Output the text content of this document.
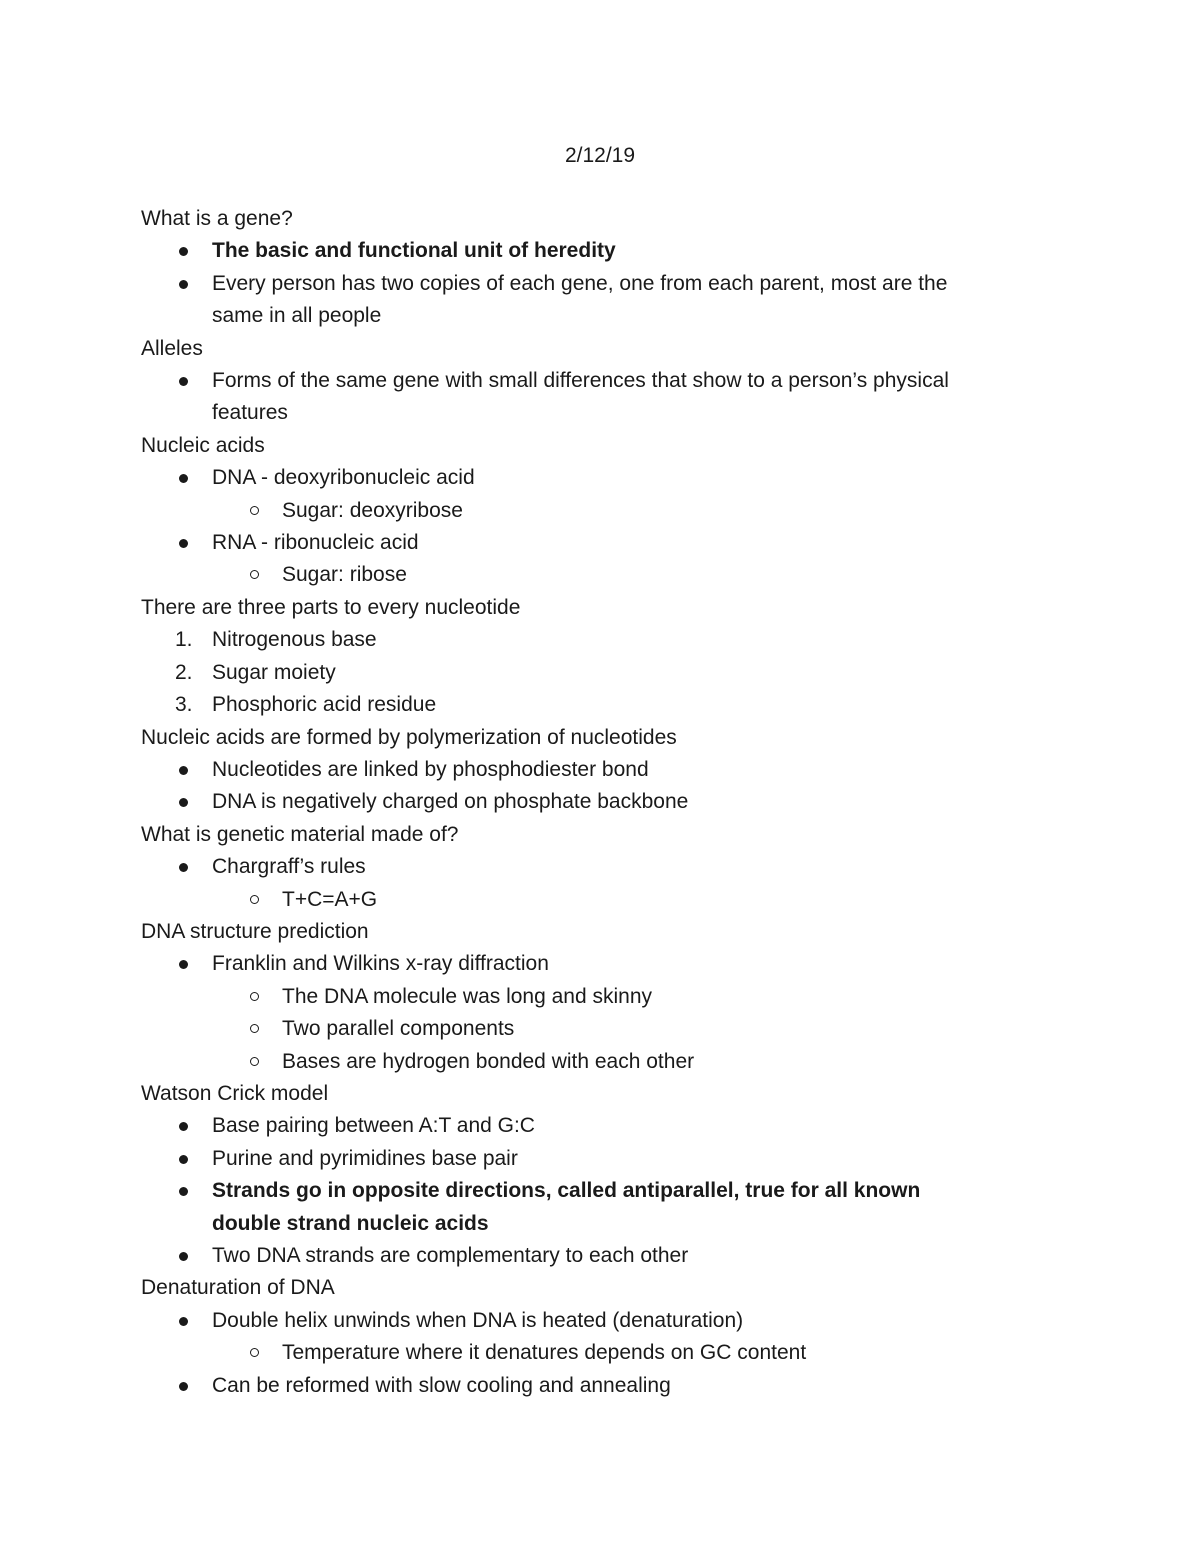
2/12/19
What is a gene?
The basic and functional unit of heredity
Every person has two copies of each gene, one from each parent, most are the
same in all people
Alleles
Forms of the same gene with small differences that show to a person’s physical
features
Nucleic acids
DNA - deoxyribonucleic acid
Sugar: deoxyribose
RNA - ribonucleic acid
Sugar: ribose
There are three parts to every nucleotide
1. Nitrogenous base
2. Sugar moiety
3. Phosphoric acid residue
Nucleic acids are formed by polymerization of nucleotides
Nucleotides are linked by phosphodiester bond
DNA is negatively charged on phosphate backbone
What is genetic material made of?
Chargraff’s rules
T+C=A+G
DNA structure prediction
Franklin and Wilkins x-ray diffraction
The DNA molecule was long and skinny
Two parallel components
Bases are hydrogen bonded with each other
Watson Crick model
Base pairing between A:T and G:C
Purine and pyrimidines base pair
Strands go in opposite directions, called antiparallel, true for all known
double strand nucleic acids
Two DNA strands are complementary to each other
Denaturation of DNA
Double helix unwinds when DNA is heated (denaturation)
Temperature where it denatures depends on GC content
Can be reformed with slow cooling and annealing
